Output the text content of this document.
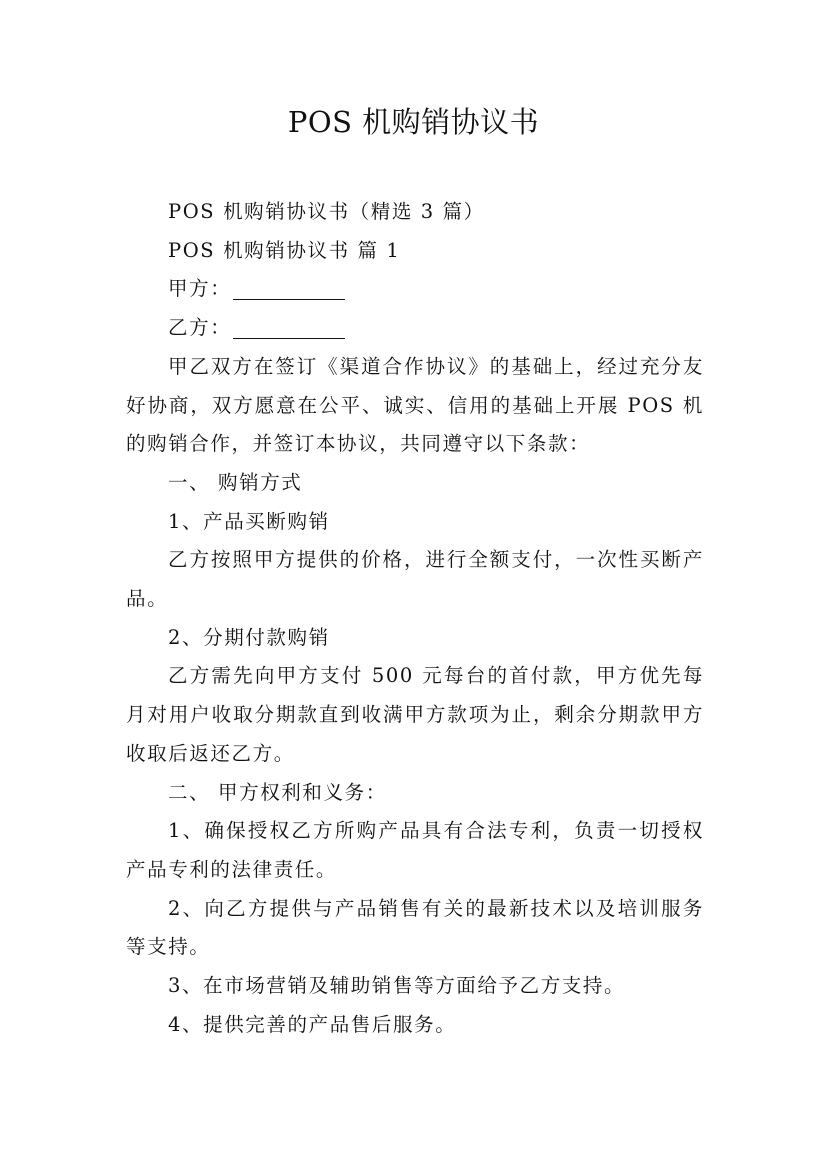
POS 机购销协议书

POS 机购销协议书（精选 3 篇）

POS 机购销协议书 篇 1

甲方：

乙方：

甲乙双方在签订《渠道合作协议》的基础上，经过充分友好协商，双方愿意在公平、诚实、信用的基础上开展 POS 机的购销合作，并签订本协议，共同遵守以下条款：

一、 购销方式

1、产品买断购销

乙方按照甲方提供的价格，进行全额支付，一次性买断产品。

2、分期付款购销

乙方需先向甲方支付 500 元每台的首付款，甲方优先每月对用户收取分期款直到收满甲方款项为止，剩余分期款甲方收取后返还乙方。

二、 甲方权利和义务：

1、确保授权乙方所购产品具有合法专利，负责一切授权产品专利的法律责任。

2、向乙方提供与产品销售有关的最新技术以及培训服务等支持。

3、在市场营销及辅助销售等方面给予乙方支持。

4、提供完善的产品售后服务。
